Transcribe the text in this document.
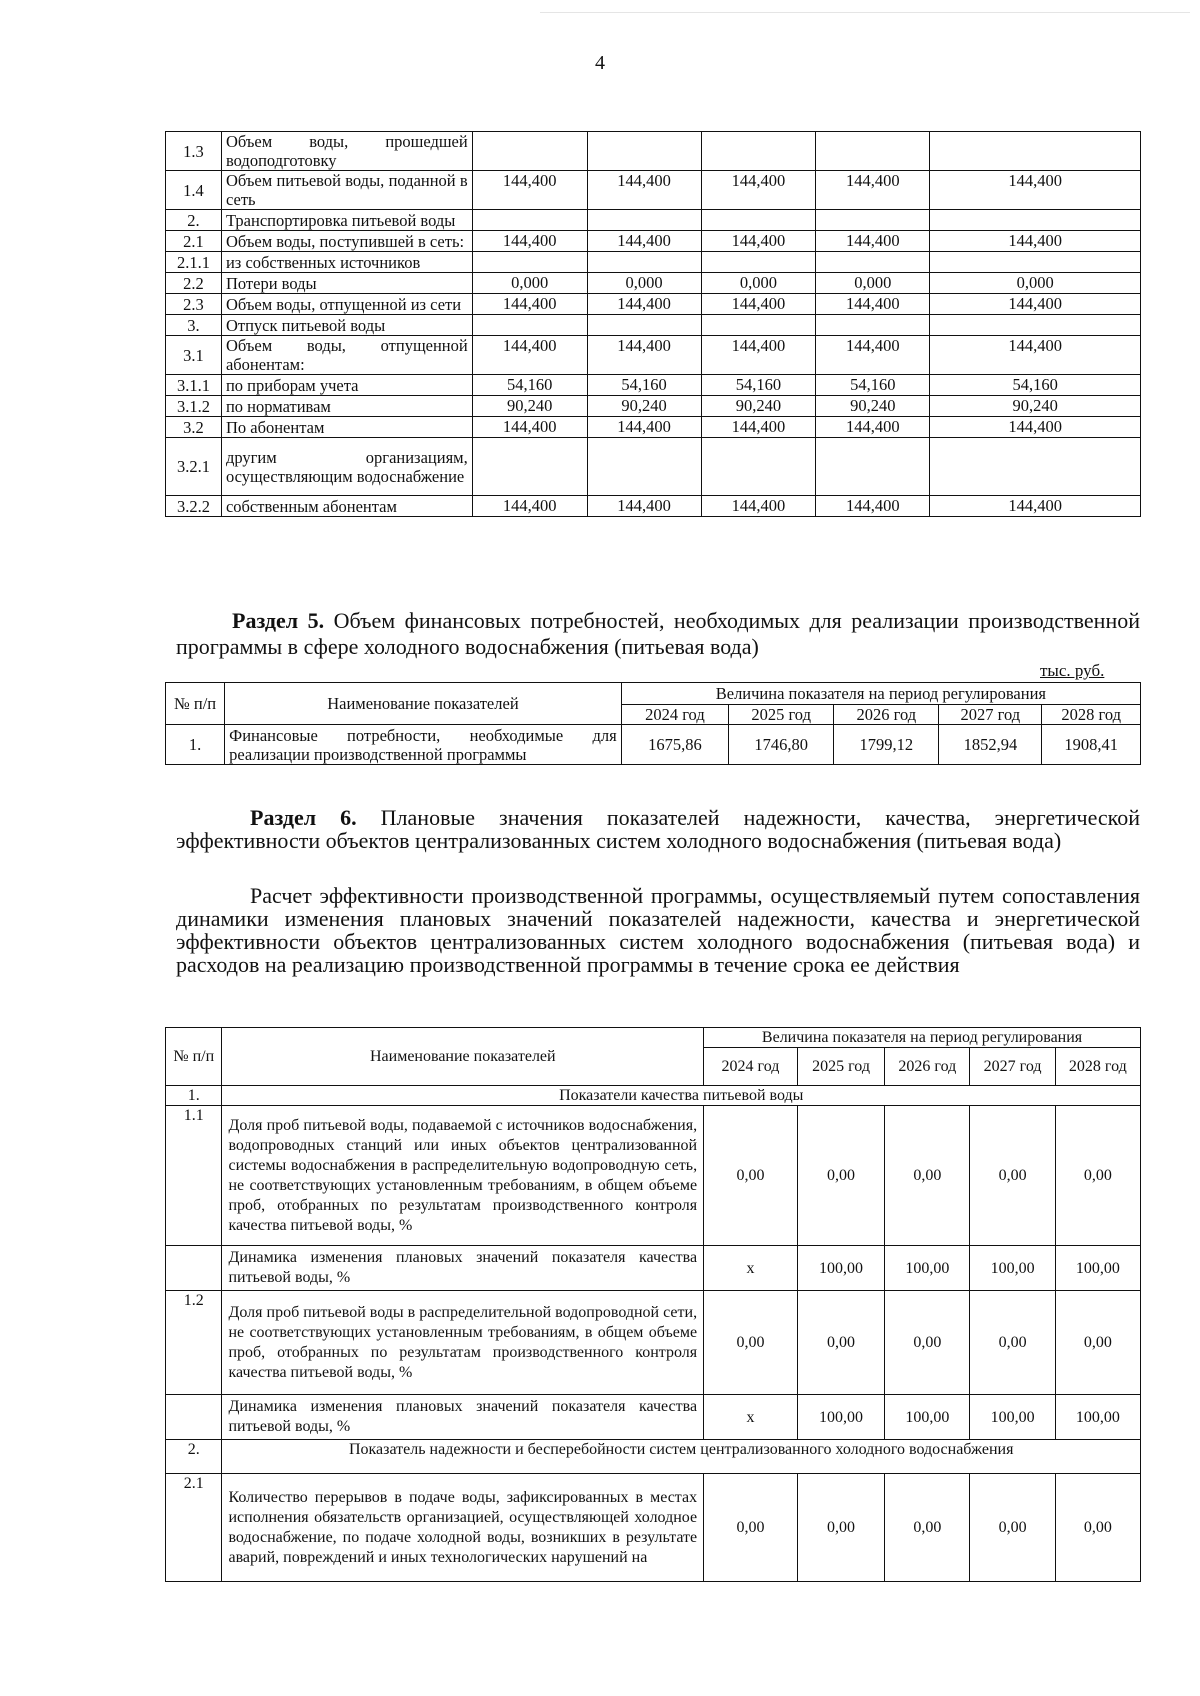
4
1.3	Объем воды, прошедшей водоподготовку					
1.4	Объем питьевой воды, поданной в сеть	144,400	144,400	144,400	144,400	144,400
2.	Транспортировка питьевой воды					
2.1	Объем воды, поступившей в сеть:	144,400	144,400	144,400	144,400	144,400
2.1.1	из собственных источников					
2.2	Потери воды	0,000	0,000	0,000	0,000	0,000
2.3	Объем воды, отпущенной из сети	144,400	144,400	144,400	144,400	144,400
3.	Отпуск питьевой воды					
3.1	Объем воды, отпущенной абонентам:	144,400	144,400	144,400	144,400	144,400
3.1.1	по приборам учета	54,160	54,160	54,160	54,160	54,160
3.1.2	по нормативам	90,240	90,240	90,240	90,240	90,240
3.2	По абонентам	144,400	144,400	144,400	144,400	144,400
3.2.1	другим организациям, осуществляющим водоснабжение					
3.2.2	собственным абонентам	144,400	144,400	144,400	144,400	144,400
Раздел 5. Объем финансовых потребностей, необходимых для реализации производственной программы в сфере холодного водоснабжения (питьевая вода)
тыс. руб.
№ п/п	Наименование показателей	Величина показателя на период регулирования				
		2024 год	2025 год	2026 год	2027 год	2028 год
1.	Финансовые потребности, необходимые для реализации производственной программы	1675,86	1746,80	1799,12	1852,94	1908,41
Раздел 6. Плановые значения показателей надежности, качества, энергетической эффективности объектов централизованных систем холодного водоснабжения (питьевая вода)
Расчет эффективности производственной программы, осуществляемый путем сопоставления динамики изменения плановых значений показателей надежности, качества и энергетической эффективности объектов централизованных систем холодного водоснабжения (питьевая вода) и расходов на реализацию производственной программы в течение срока ее действия
№ п/п	Наименование показателей	Величина показателя на период регулирования				
		2024 год	2025 год	2026 год	2027 год	2028 год
1.	Показатели качества питьевой воды					
1.1	Доля проб питьевой воды, подаваемой с источников водоснабжения, водопроводных станций или иных объектов централизованной системы водоснабжения в распределительную водопроводную сеть, не соответствующих установленным требованиям, в общем объеме проб, отобранных по результатам производственного контроля качества питьевой воды, %	0,00	0,00	0,00	0,00	0,00
	Динамика изменения плановых значений показателя качества питьевой воды, %	х	100,00	100,00	100,00	100,00
1.2	Доля проб питьевой воды в распределительной водопроводной сети, не соответствующих установленным требованиям, в общем объеме проб, отобранных по результатам производственного контроля качества питьевой воды, %	0,00	0,00	0,00	0,00	0,00
	Динамика изменения плановых значений показателя качества питьевой воды, %	х	100,00	100,00	100,00	100,00
2.	Показатель надежности и бесперебойности систем централизованного холодного водоснабжения					
2.1	Количество перерывов в подаче воды, зафиксированных в местах исполнения обязательств организацией, осуществляющей холодное водоснабжение, по подаче холодной воды, возникших в результате аварий, повреждений и иных технологических нарушений на	0,00	0,00	0,00	0,00	0,00
